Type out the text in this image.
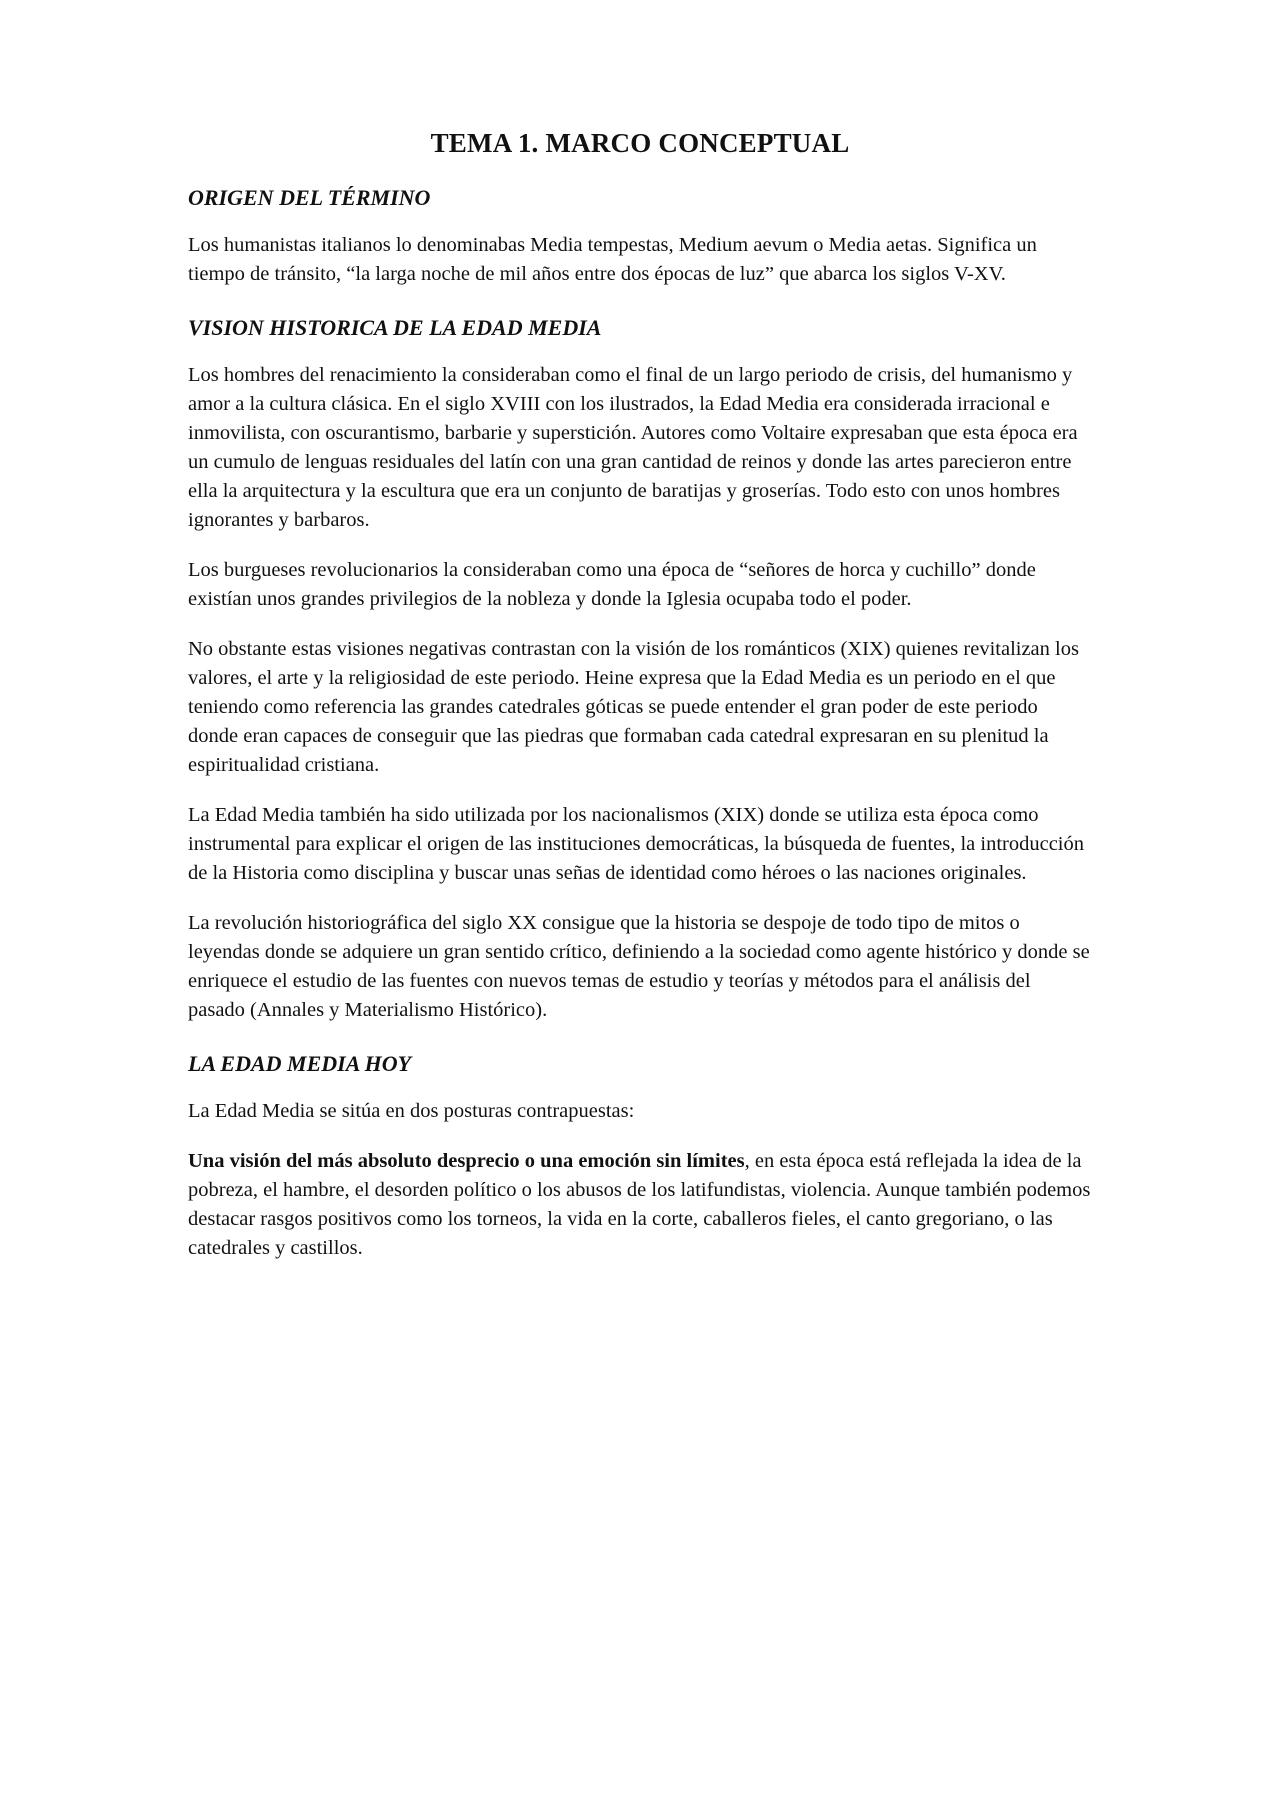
TEMA 1. MARCO CONCEPTUAL
ORIGEN DEL TÉRMINO

Los humanistas italianos lo denominabas Media tempestas, Medium aevum o Media aetas. Significa un tiempo de tránsito, “la larga noche de mil años entre dos épocas de luz” que abarca los siglos V-XV.

VISION HISTORICA DE LA EDAD MEDIA

Los hombres del renacimiento la consideraban como el final de un largo periodo de crisis, del humanismo y amor a la cultura clásica. En el siglo XVIII con los ilustrados, la Edad Media era considerada irracional e inmovilista, con oscurantismo, barbarie y superstición. Autores como Voltaire expresaban que esta época era un cumulo de lenguas residuales del latín con una gran cantidad de reinos y donde las artes parecieron entre ella la arquitectura y la escultura que era un conjunto de baratijas y groserías. Todo esto con unos hombres ignorantes y barbaros.

Los burgueses revolucionarios la consideraban como una época de “señores de horca y cuchillo” donde existían unos grandes privilegios de la nobleza y donde la Iglesia ocupaba todo el poder.

No obstante estas visiones negativas contrastan con la visión de los románticos (XIX) quienes revitalizan los valores, el arte y la religiosidad de este periodo. Heine expresa que la Edad Media es un periodo en el que teniendo como referencia las grandes catedrales góticas se puede entender el gran poder de este periodo donde eran capaces de conseguir que las piedras que formaban cada catedral expresaran en su plenitud la espiritualidad cristiana.

La Edad Media también ha sido utilizada por los nacionalismos (XIX) donde se utiliza esta época como instrumental para explicar el origen de las instituciones democráticas, la búsqueda de fuentes, la introducción de la Historia como disciplina y buscar unas señas de identidad como héroes o las naciones originales.

La revolución historiográfica del siglo XX consigue que la historia se despoje de todo tipo de mitos o leyendas donde se adquiere un gran sentido crítico, definiendo a la sociedad como agente histórico y donde se enriquece el estudio de las fuentes con nuevos temas de estudio y teorías y métodos para el análisis del pasado (Annales y Materialismo Histórico).

LA EDAD MEDIA HOY

La Edad Media se sitúa en dos posturas contrapuestas:

Una visión del más absoluto desprecio o una emoción sin límites, en esta época está reflejada la idea de la pobreza, el hambre, el desorden político o los abusos de los latifundistas, violencia. Aunque también podemos destacar rasgos positivos como los torneos, la vida en la corte, caballeros fieles, el canto gregoriano, o las catedrales y castillos.
